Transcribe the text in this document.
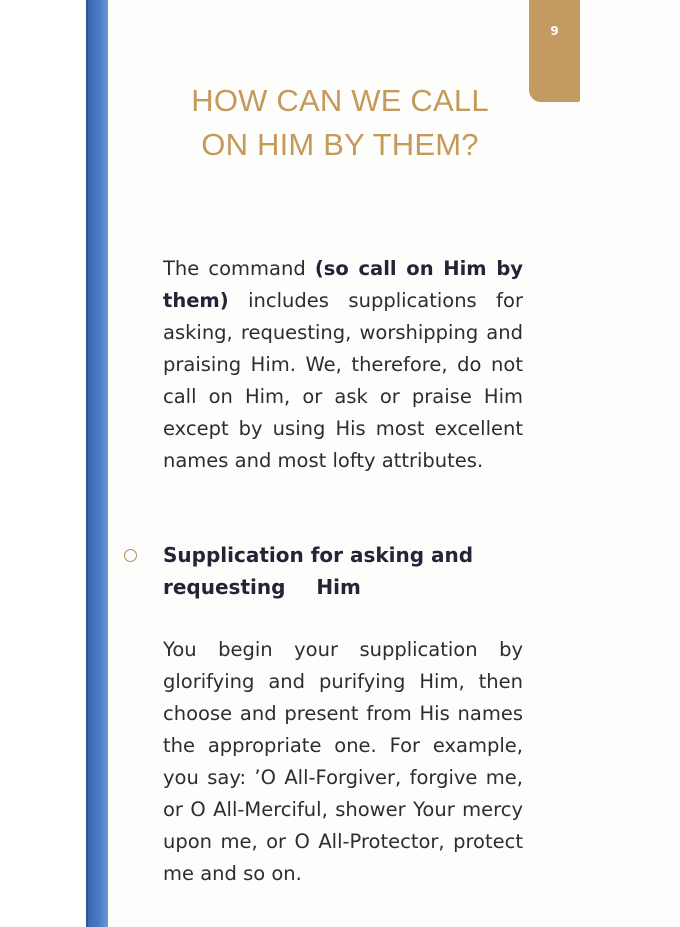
9
HOW CAN WE CALL
ON HIM BY THEM?

The command (so call on Him by them) includes supplications for asking, requesting, worshipping and praising Him. We, therefore, do not call on Him, or ask or praise Him except by using His most excellent names and most lofty attributes.

Supplication for asking and
requesting Him

You begin your supplication by glorifying and purifying Him, then choose and present from His names the appropriate one. For example, you say: ’O All-Forgiver, forgive me, or O All-Merciful, shower Your mercy upon me, or O All-Protector, protect me and so on.
